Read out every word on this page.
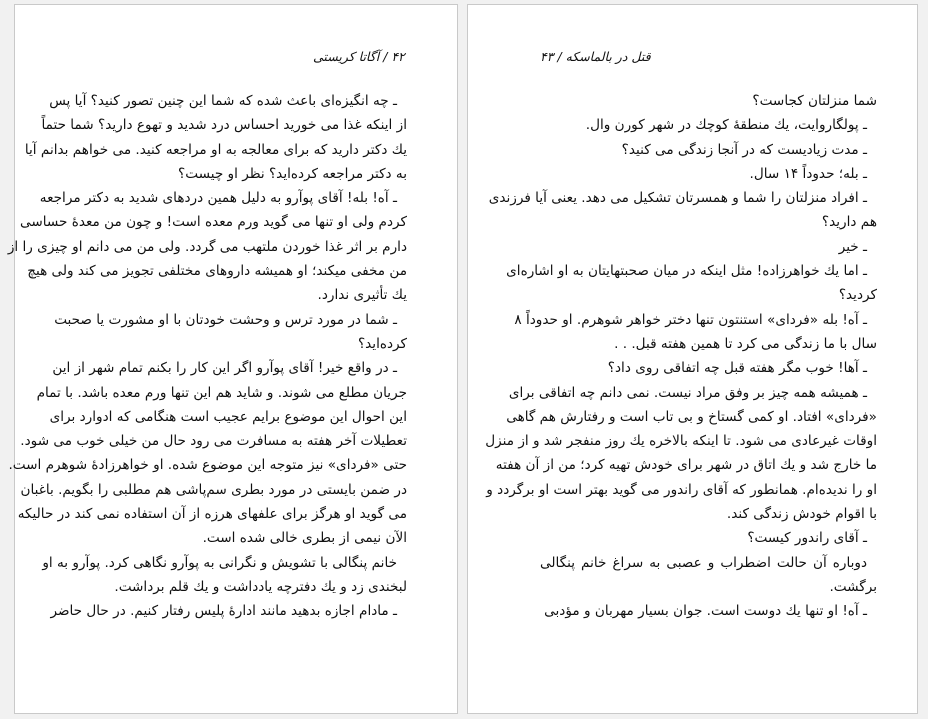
۴۲ / آگاتا کریستی
ـ چه انگیزه‌ای باعث شده که شما این چنین تصور کنید؟ آیا پس
از اینکه غذا می خورید احساس درد شدید و تهوع دارید؟ شما حتماً
یك دکتر دارید که برای معالجه به او مراجعه کنید. می خواهم بدانم آیا
به دکتر مراجعه کرده‌اید؟ نظر او چیست؟
ـ آه! بله! آقای پوآرو به دلیل همین دردهای شدید به دکتر مراجعه
کردم ولی او تنها می گوید ورم معده است! و چون من معدهٔ حساسی
دارم بر اثر غذا خوردن ملتهب می گردد. ولی من می دانم او چیزی را از
من مخفی میکند؛ او همیشه داروهای مختلفی تجویز می کند ولی هیچ
یك تأثیری ندارد.
ـ شما در مورد ترس و وحشت خودتان با او مشورت یا صحبت
کرده‌اید؟
ـ در واقع خیر! آقای پوآرو اگر این کار را بکنم تمام شهر از این
جریان مطلع می شوند. و شاید هم این تنها ورم معده باشد. با تمام
این احوال این موضوع برایم عجیب است هنگامی که ادوارد برای
تعطیلات آخر هفته به مسافرت می رود حال من خیلی خوب می شود.
حتی «فردای» نیز متوجه این موضوع شده. او خواهرزادهٔ شوهرم است.
در ضمن بایستی در مورد بطری سم‌پاشی هم مطلبی را بگویم. باغبان
می گوید او هرگز برای علفهای هرزه از آن استفاده نمی کند در حالیکه
الآن نیمی از بطری خالی شده است.
خانم پنگالی با تشویش و نگرانی به پوآرو نگاهی کرد. پوآرو به او
لبخندی زد و یك دفترچه یادداشت و یك قلم برداشت.
ـ مادام اجازه بدهید مانند ادارهٔ پلیس رفتار کنیم. در حال حاضر
قتل در بالماسکه / ۴۳
شما منزلتان کجاست؟
ـ پولگاروایت، یك منطقهٔ کوچك در شهر کورن وال.
ـ مدت زیادیست که در آنجا زندگی می کنید؟
ـ بله؛ حدوداً ۱۴ سال.
ـ افراد منزلتان را شما و همسرتان تشکیل می دهد. یعنی آیا فرزندی
هم دارید؟
ـ خیر
ـ اما یك خواهرزاده! مثل اینکه در میان صحبتهایتان به او اشاره‌ای
کردید؟
ـ آه! بله «فردای» استنتون تنها دختر خواهر شوهرم. او حدوداً ۸
سال با ما زندگی می کرد تا همین هفته قبل. . .
ـ آها! خوب مگر هفته قبل چه اتفاقی روی داد؟
ـ همیشه همه چیز بر وفق مراد نیست. نمی دانم چه اتفاقی برای
«فردای» افتاد. او کمی گستاخ و بی تاب است و رفتارش هم گاهی
اوقات غیرعادی می شود. تا اینکه بالاخره یك روز منفجر شد و از منزل
ما خارج شد و یك اتاق در شهر برای خودش تهیه کرد؛ من از آن هفته
او را ندیده‌ام. همانطور که آقای راندور می گوید بهتر است او برگردد و
با اقوام خودش زندگی کند.
ـ آقای راندور کیست؟
دوباره آن حالت اضطراب و عصبی به سراغ خانم پنگالی
برگشت.
ـ آه! او تنها یك دوست است. جوان بسیار مهربان و مؤدبی
